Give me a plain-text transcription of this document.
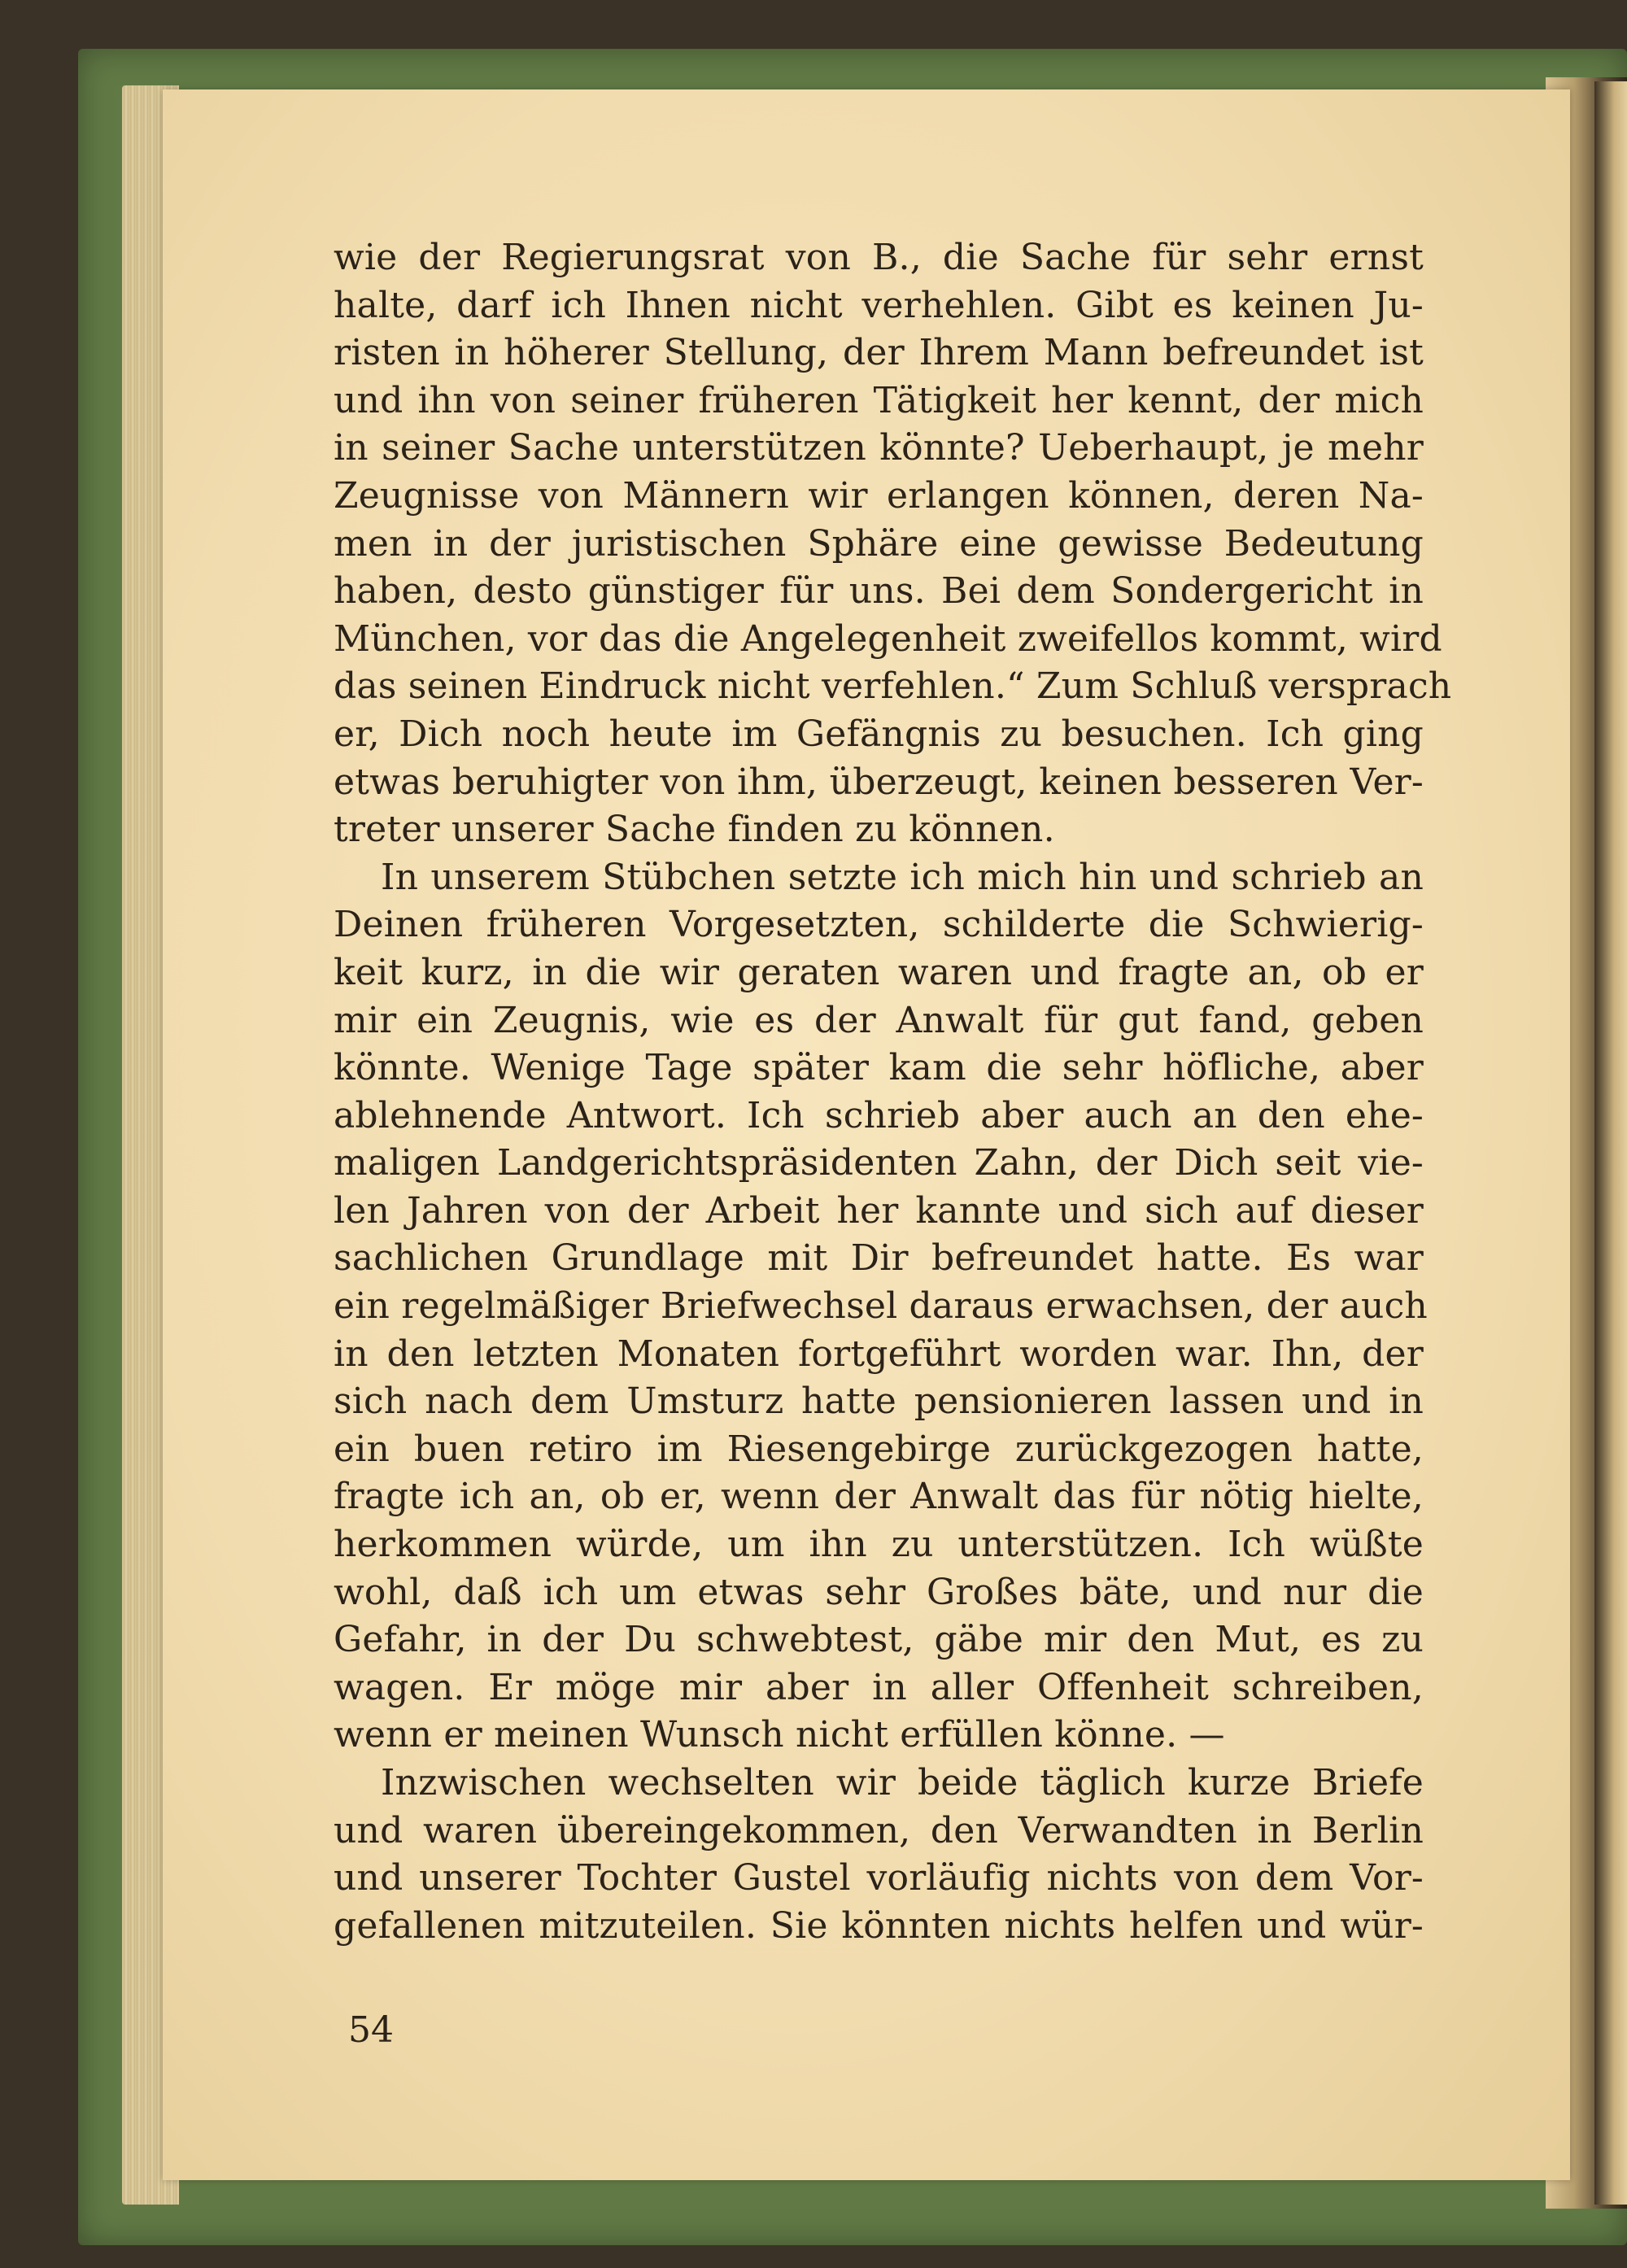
wie der Regierungsrat von B., die Sache für sehr ernst
halte, darf ich Ihnen nicht verhehlen. Gibt es keinen Ju-
risten in höherer Stellung, der Ihrem Mann befreundet ist
und ihn von seiner früheren Tätigkeit her kennt, der mich
in seiner Sache unterstützen könnte? Ueberhaupt, je mehr
Zeugnisse von Männern wir erlangen können, deren Na-
men in der juristischen Sphäre eine gewisse Bedeutung
haben, desto günstiger für uns. Bei dem Sondergericht in
München, vor das die Angelegenheit zweifellos kommt, wird
das seinen Eindruck nicht verfehlen.“ Zum Schluß versprach
er, Dich noch heute im Gefängnis zu besuchen. Ich ging
etwas beruhigter von ihm, überzeugt, keinen besseren Ver-
treter unserer Sache finden zu können.
In unserem Stübchen setzte ich mich hin und schrieb an
Deinen früheren Vorgesetzten, schilderte die Schwierig-
keit kurz, in die wir geraten waren und fragte an, ob er
mir ein Zeugnis, wie es der Anwalt für gut fand, geben
könnte. Wenige Tage später kam die sehr höfliche, aber
ablehnende Antwort. Ich schrieb aber auch an den ehe-
maligen Landgerichtspräsidenten Zahn, der Dich seit vie-
len Jahren von der Arbeit her kannte und sich auf dieser
sachlichen Grundlage mit Dir befreundet hatte. Es war
ein regelmäßiger Briefwechsel daraus erwachsen, der auch
in den letzten Monaten fortgeführt worden war. Ihn, der
sich nach dem Umsturz hatte pensionieren lassen und in
ein buen retiro im Riesengebirge zurückgezogen hatte,
fragte ich an, ob er, wenn der Anwalt das für nötig hielte,
herkommen würde, um ihn zu unterstützen. Ich wüßte
wohl, daß ich um etwas sehr Großes bäte, und nur die
Gefahr, in der Du schwebtest, gäbe mir den Mut, es zu
wagen. Er möge mir aber in aller Offenheit schreiben,
wenn er meinen Wunsch nicht erfüllen könne. —
Inzwischen wechselten wir beide täglich kurze Briefe
und waren übereingekommen, den Verwandten in Berlin
und unserer Tochter Gustel vorläufig nichts von dem Vor-
gefallenen mitzuteilen. Sie könnten nichts helfen und wür-
54
